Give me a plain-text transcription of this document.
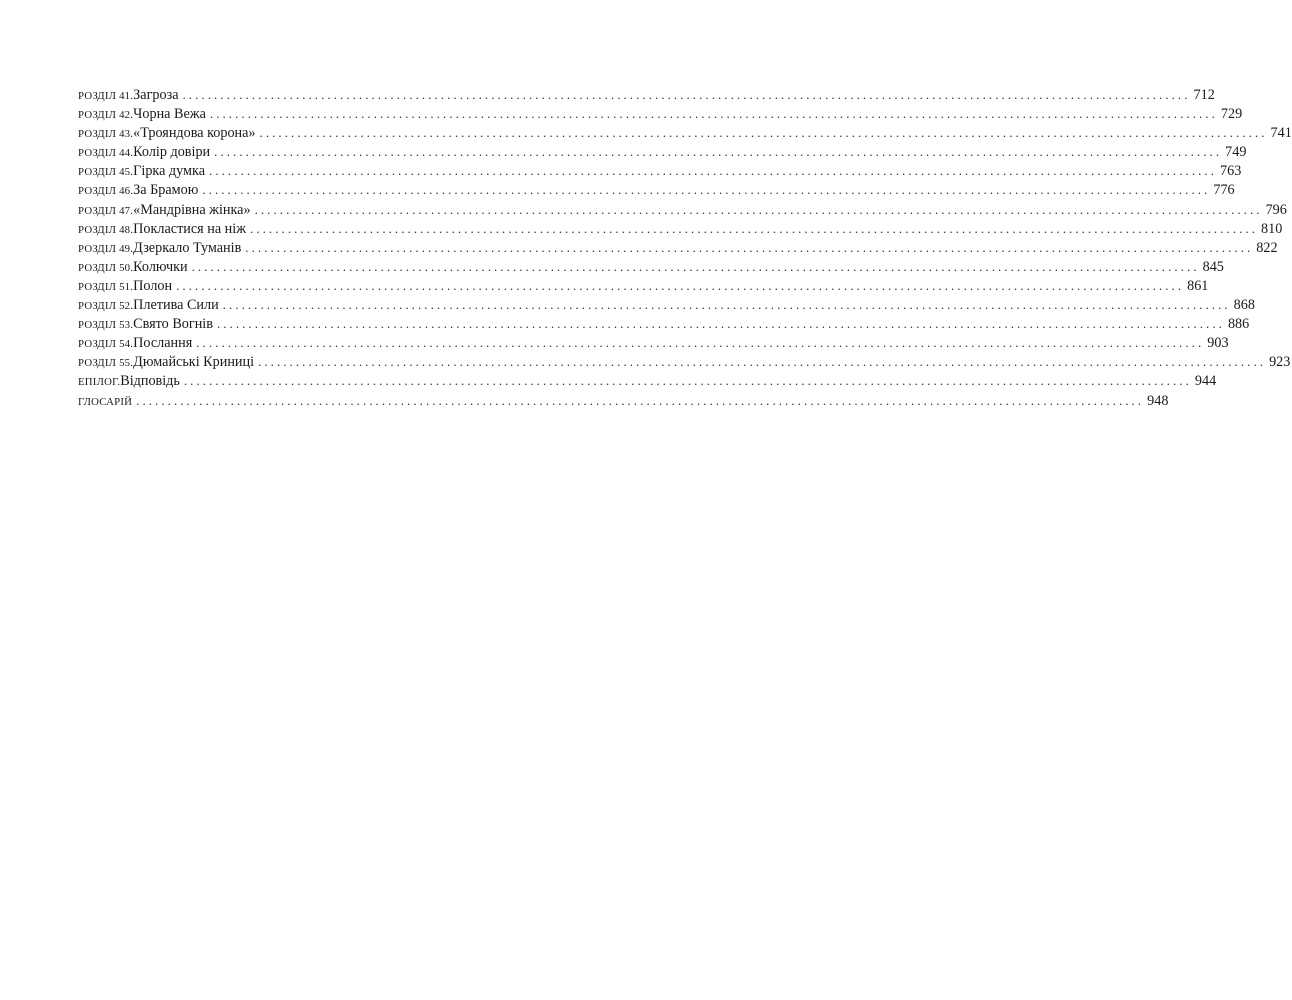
РОЗДІЛ 41. Загроза ................................................................................................................................................................ 712
РОЗДІЛ 42. Чорна Вежа ................................................................................................................................................................ 729
РОЗДІЛ 43. «Трояндова корона» ................................................................................................................................................................ 741
РОЗДІЛ 44. Колір довіри ................................................................................................................................................................ 749
РОЗДІЛ 45. Гірка думка ................................................................................................................................................................ 763
РОЗДІЛ 46. За Брамою ................................................................................................................................................................ 776
РОЗДІЛ 47. «Мандрівна жінка» ................................................................................................................................................................ 796
РОЗДІЛ 48. Покластися на ніж ................................................................................................................................................................ 810
РОЗДІЛ 49. Дзеркало Туманів ................................................................................................................................................................ 822
РОЗДІЛ 50. Колючки ................................................................................................................................................................ 845
РОЗДІЛ 51. Полон ................................................................................................................................................................ 861
РОЗДІЛ 52. Плетива Сили ................................................................................................................................................................ 868
РОЗДІЛ 53. Свято Вогнів ................................................................................................................................................................ 886
РОЗДІЛ 54. Послання ................................................................................................................................................................ 903
РОЗДІЛ 55. Дюмайські Криниці ................................................................................................................................................................ 923
ЕПІЛОГ. Відповідь ................................................................................................................................................................ 944
ГЛОСАРІЙ ................................................................................................................................................................ 948
